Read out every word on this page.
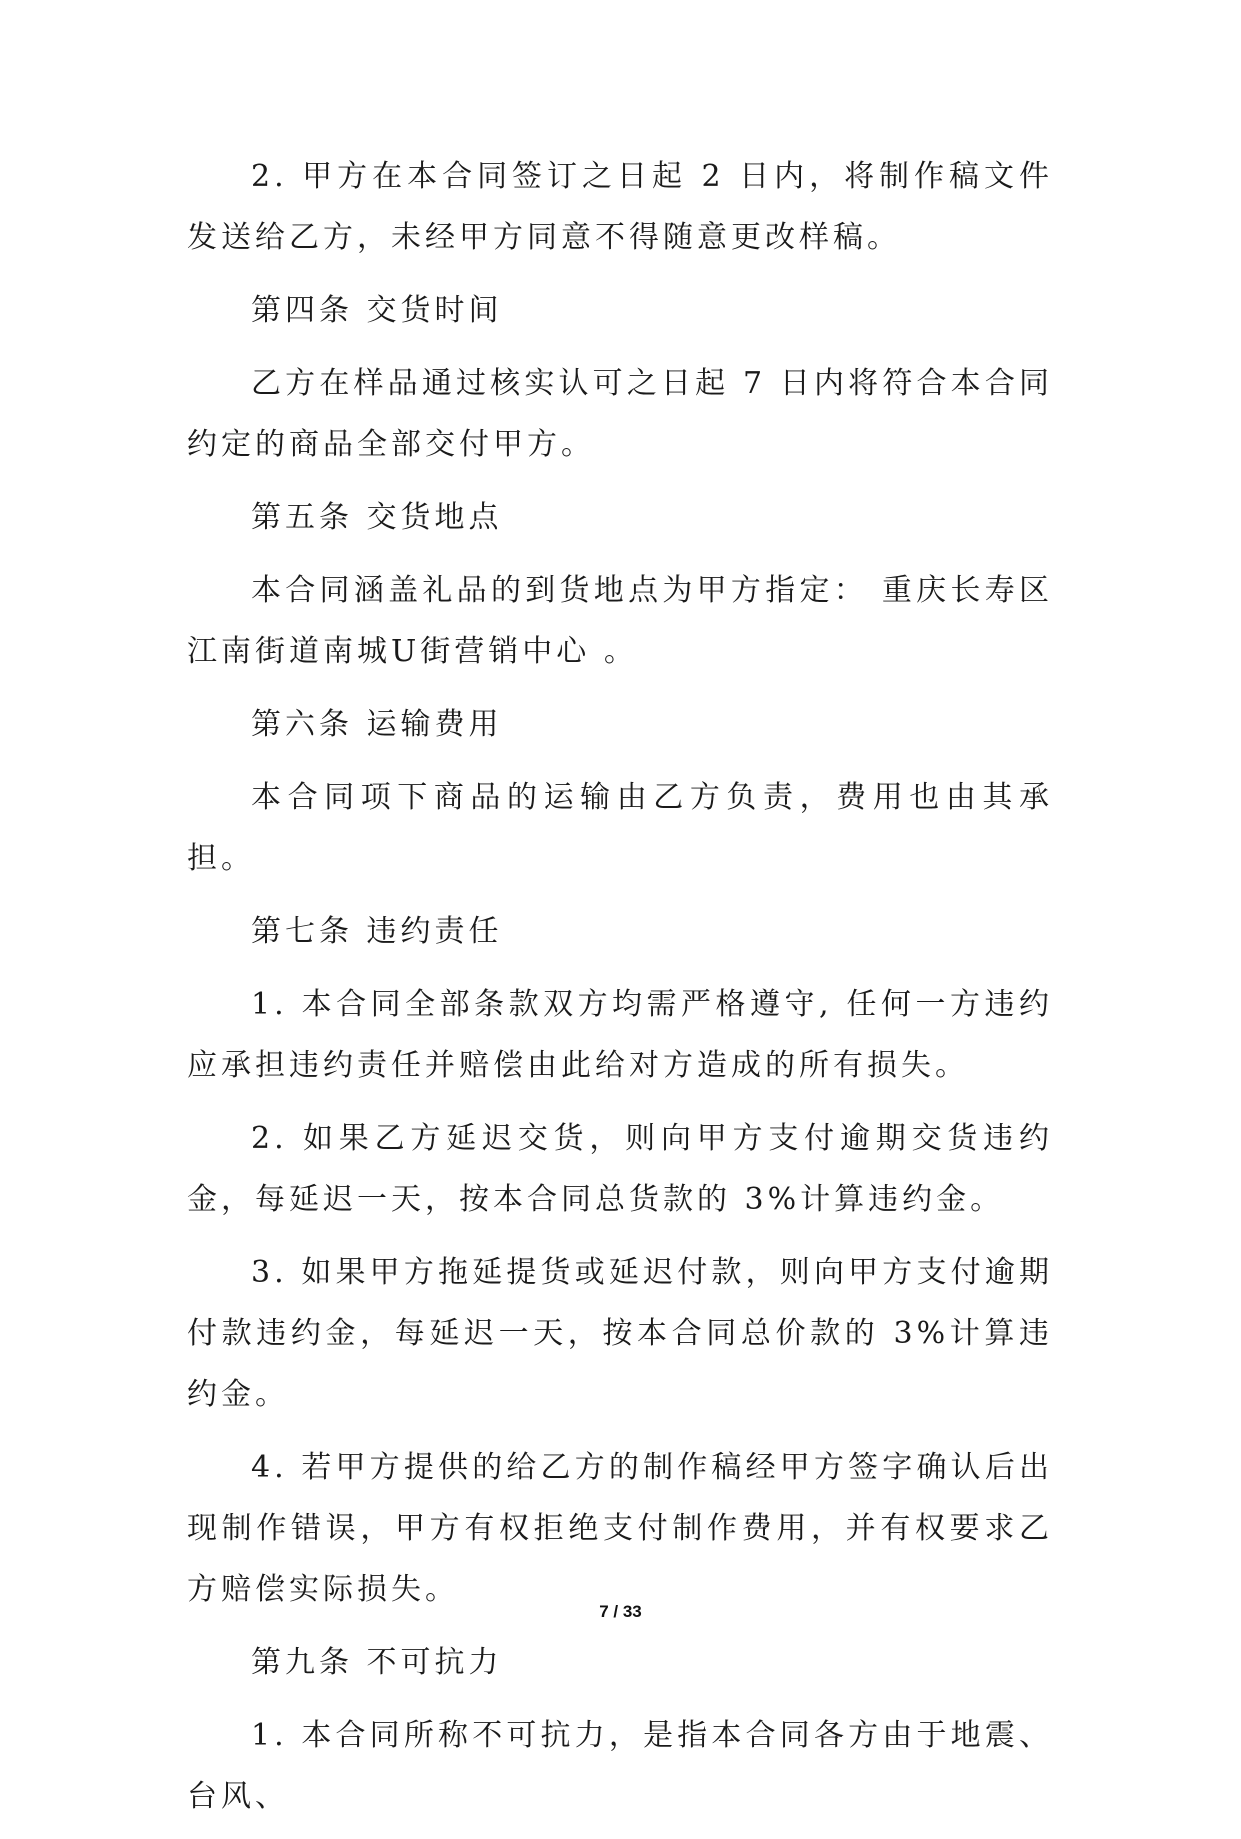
2. 甲方在本合同签订之日起 2 日内，将制作稿文件发送给乙方，未经甲方同意不得随意更改样稿。

第四条 交货时间

乙方在样品通过核实认可之日起 7 日内将符合本合同约定的商品全部交付甲方。

第五条 交货地点

本合同涵盖礼品的到货地点为甲方指定： 重庆长寿区江南街道南城U街营销中心 。

第六条 运输费用

本合同项下商品的运输由乙方负责，费用也由其承担。

第七条 违约责任

1. 本合同全部条款双方均需严格遵守, 任何一方违约应承担违约责任并赔偿由此给对方造成的所有损失。

2. 如果乙方延迟交货，则向甲方支付逾期交货违约金，每延迟一天，按本合同总货款的 3%计算违约金。

3. 如果甲方拖延提货或延迟付款，则向甲方支付逾期付款违约金，每延迟一天，按本合同总价款的 3%计算违约金。

4. 若甲方提供的给乙方的制作稿经甲方签字确认后出现制作错误，甲方有权拒绝支付制作费用，并有权要求乙方赔偿实际损失。

第九条 不可抗力

1. 本合同所称不可抗力，是指本合同各方由于地震、台风、

7 / 33
